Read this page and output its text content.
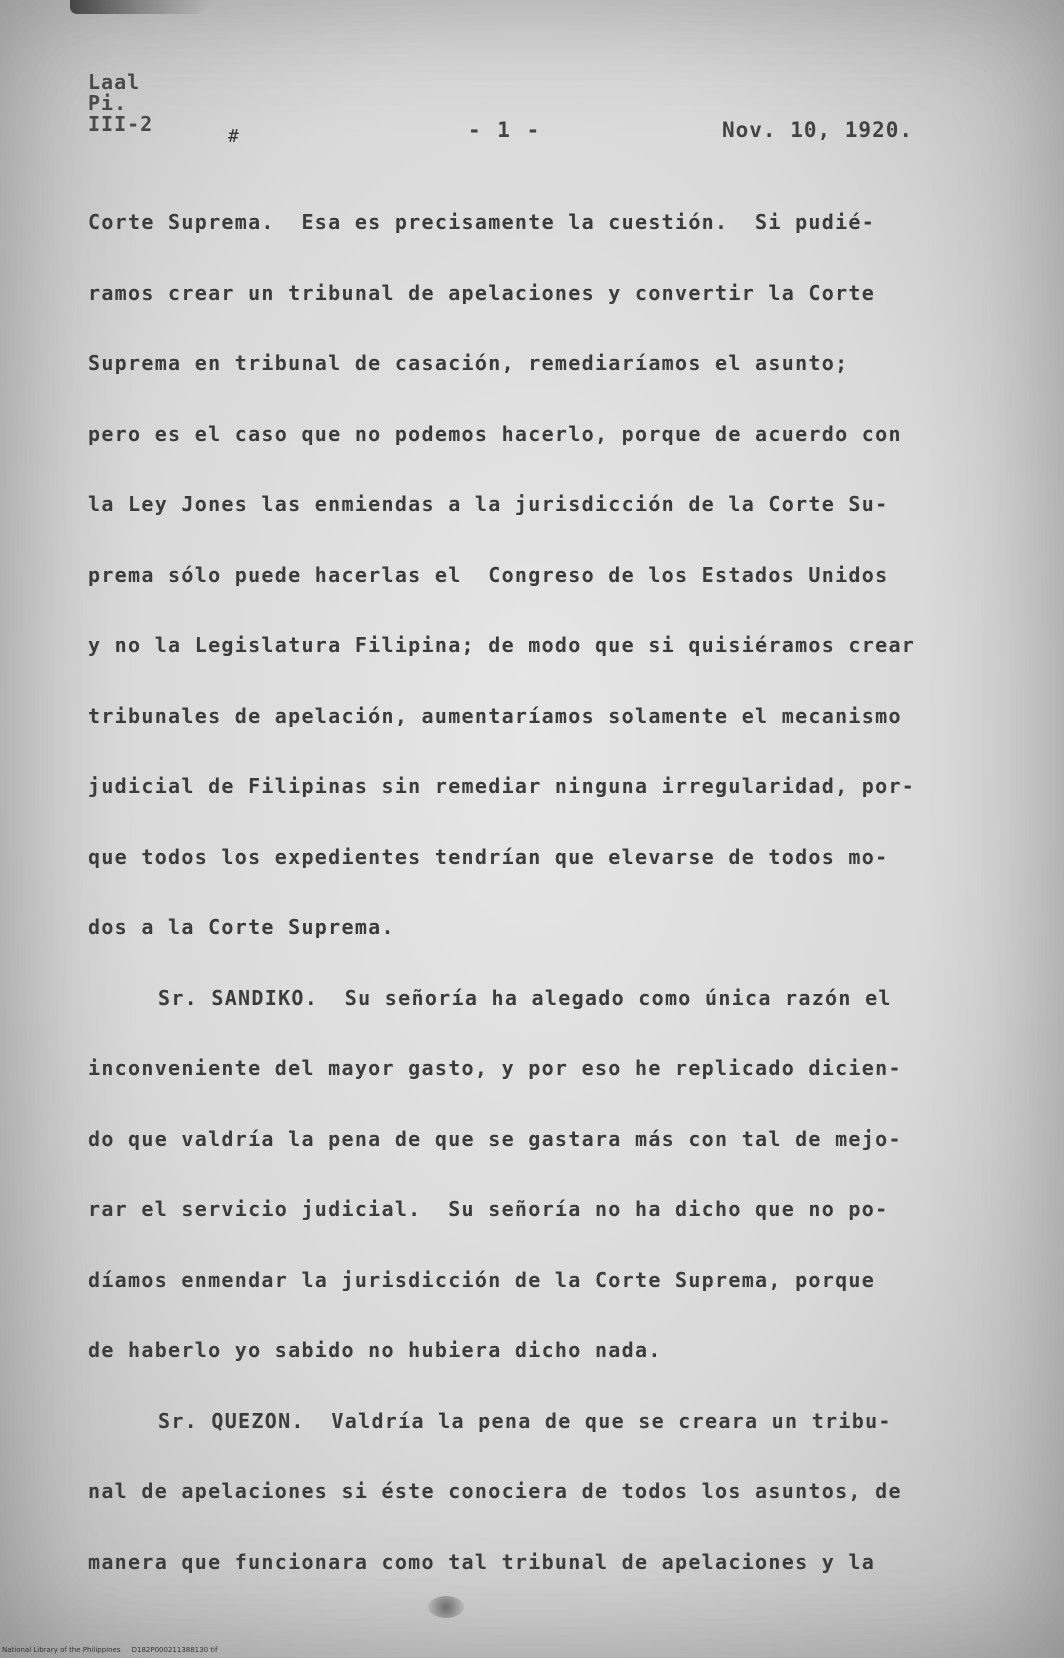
Laal
Pi.
III-2
#	- 1 -	Nov. 10, 1920.
Corte Suprema.  Esa es precisamente la cuestión.  Si pudié-
ramos crear un tribunal de apelaciones y convertir la Corte
Suprema en tribunal de casación, remediaríamos el asunto;
pero es el caso que no podemos hacerlo, porque de acuerdo con
la Ley Jones las enmiendas a la jurisdicción de la Corte Su-
prema sólo puede hacerlas el  Congreso de los Estados Unidos
y no la Legislatura Filipina; de modo que si quisiéramos crear
tribunales de apelación, aumentaríamos solamente el mecanismo
judicial de Filipinas sin remediar ninguna irregularidad, por-
que todos los expedientes tendrían que elevarse de todos mo-
dos a la Corte Suprema.
Sr. SANDIKO.  Su señoría ha alegado como única razón el
inconveniente del mayor gasto, y por eso he replicado dicien-
do que valdría la pena de que se gastara más con tal de mejo-
rar el servicio judicial.  Su señoría no ha dicho que no po-
díamos enmendar la jurisdicción de la Corte Suprema, porque
de haberlo yo sabido no hubiera dicho nada.
Sr. QUEZON.  Valdría la pena de que se creara un tribu-
nal de apelaciones si éste conociera de todos los asuntos, de
manera que funcionara como tal tribunal de apelaciones y la
National Library of the Philippines     D182P000211388130 tif
